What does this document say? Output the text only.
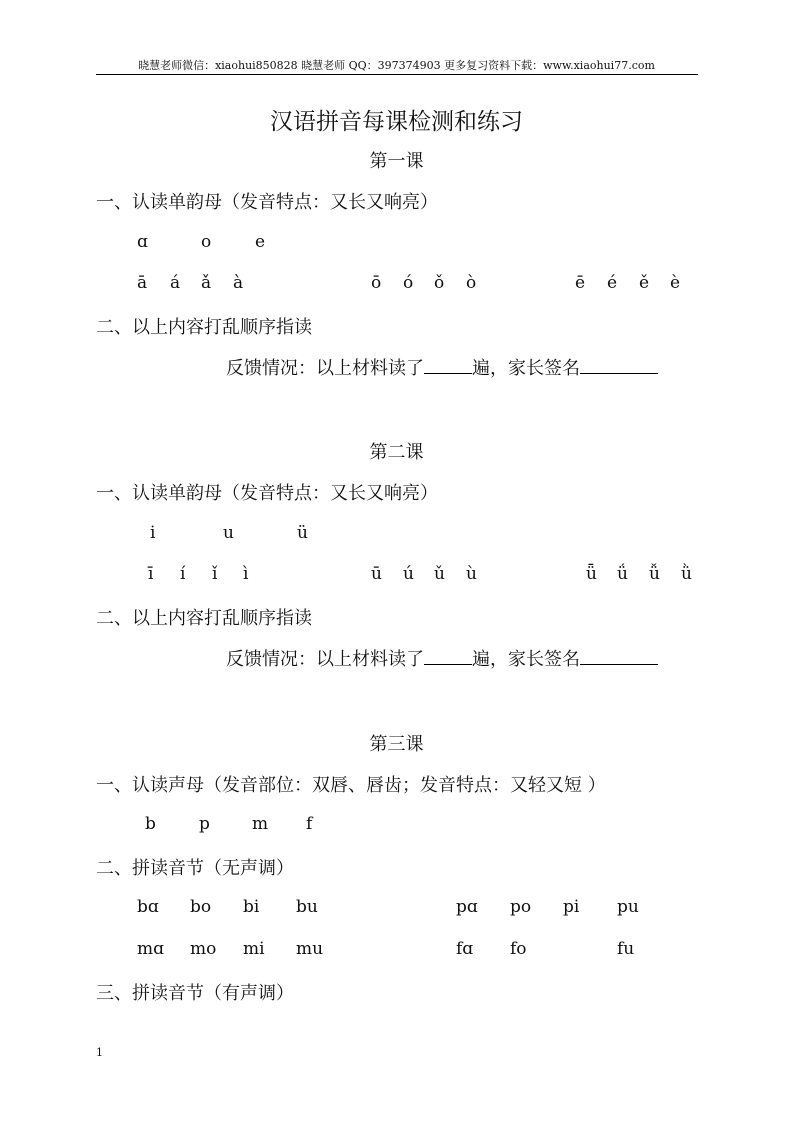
晓慧老师微信：xiaohui850828 晓慧老师 QQ：397374903 更多复习资料下载：www.xiaohui77.com
汉语拼音每课检测和练习
第一课
一、认读单韵母（发音特点：又长又响亮）
ɑ	o	e
ā á ǎ à	ō ó ǒ ò	ē é ě è
二、以上内容打乱顺序指读
反馈情况：以上材料读了	遍，家长签名
第二课
一、认读单韵母（发音特点：又长又响亮）
i	u	ü
ī í ǐ ì	ū ú ǔ ù	ǖ ǘ ǚ ǜ
二、以上内容打乱顺序指读
反馈情况：以上材料读了	遍，家长签名
第三课
一、认读声母（发音部位：双唇、唇齿；发音特点：又轻又短 ）
b	p m f
二、拼读音节（无声调）
bɑ bo bi bu	pɑ po pi pu
mɑ mo mi mu	fɑ fo	fu
三、拼读音节（有声调）
1
